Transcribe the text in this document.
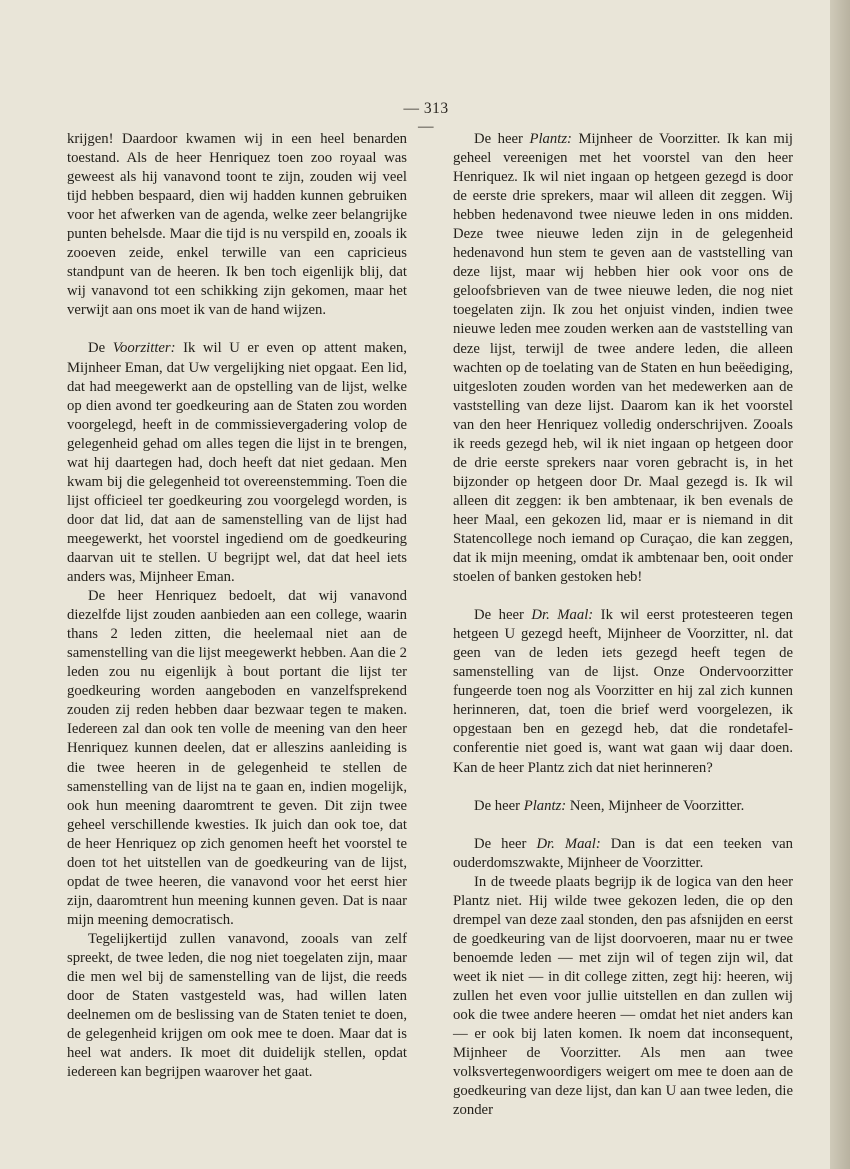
— 313 —

krijgen! Daardoor kwamen wij in een heel benarden toestand. Als de heer Henriquez toen zoo royaal was geweest als hij vanavond toont te zijn, zouden wij veel tijd hebben bespaard, dien wij hadden kunnen gebruiken voor het afwerken van de agenda, welke zeer belangrijke punten behelsde. Maar die tijd is nu verspild en, zooals ik zooeven zeide, enkel terwille van een capricieus standpunt van de heeren. Ik ben toch eigenlijk blij, dat wij vanavond tot een schikking zijn gekomen, maar het verwijt aan ons moet ik van de hand wijzen.

De Voorzitter: Ik wil U er even op attent maken, Mijnheer Eman, dat Uw vergelijking niet opgaat. Een lid, dat had meegewerkt aan de opstelling van de lijst, welke op dien avond ter goedkeuring aan de Staten zou worden voorgelegd, heeft in de commissievergadering volop de gelegenheid gehad om alles tegen die lijst in te brengen, wat hij daartegen had, doch heeft dat niet gedaan. Men kwam bij die gelegenheid tot overeenstemming. Toen die lijst officieel ter goedkeuring zou voorgelegd worden, is door dat lid, dat aan de samenstelling van de lijst had meegewerkt, het voorstel ingediend om de goedkeuring daarvan uit te stellen. U begrijpt wel, dat dat heel iets anders was, Mijnheer Eman.

De heer Henriquez bedoelt, dat wij vanavond diezelfde lijst zouden aanbieden aan een college, waarin thans 2 leden zitten, die heelemaal niet aan de samenstelling van die lijst meegewerkt hebben. Aan die 2 leden zou nu eigenlijk à bout portant die lijst ter goedkeuring worden aangeboden en vanzelfsprekend zouden zij reden hebben daar bezwaar tegen te maken. Iedereen zal dan ook ten volle de meening van den heer Henriquez kunnen deelen, dat er alleszins aanleiding is die twee heeren in de gelegenheid te stellen de samenstelling van de lijst na te gaan en, indien mogelijk, ook hun meening daaromtrent te geven. Dit zijn twee geheel verschillende kwesties. Ik juich dan ook toe, dat de heer Henriquez op zich genomen heeft het voorstel te doen tot het uitstellen van de goedkeuring van de lijst, opdat de twee heeren, die vanavond voor het eerst hier zijn, daaromtrent hun meening kunnen geven. Dat is naar mijn meening democratisch.

Tegelijkertijd zullen vanavond, zooals van zelf spreekt, de twee leden, die nog niet toegelaten zijn, maar die men wel bij de samenstelling van de lijst, die reeds door de Staten vastgesteld was, had willen laten deelnemen om de beslissing van de Staten teniet te doen, de gelegenheid krijgen om ook mee te doen. Maar dat is heel wat anders. Ik moet dit duidelijk stellen, opdat iedereen kan begrijpen waarover het gaat.

De heer Plantz: Mijnheer de Voorzitter. Ik kan mij geheel vereenigen met het voorstel van den heer Henriquez. Ik wil niet ingaan op hetgeen gezegd is door de eerste drie sprekers, maar wil alleen dit zeggen. Wij hebben hedenavond twee nieuwe leden in ons midden. Deze twee nieuwe leden zijn in de gelegenheid hedenavond hun stem te geven aan de vaststelling van deze lijst, maar wij hebben hier ook voor ons de geloofsbrieven van de twee nieuwe leden, die nog niet toegelaten zijn. Ik zou het onjuist vinden, indien twee nieuwe leden mee zouden werken aan de vaststelling van deze lijst, terwijl de twee andere leden, die alleen wachten op de toelating van de Staten en hun beëediging, uitgesloten zouden worden van het medewerken aan de vaststelling van deze lijst. Daarom kan ik het voorstel van den heer Henriquez volledig onderschrijven. Zooals ik reeds gezegd heb, wil ik niet ingaan op hetgeen door de drie eerste sprekers naar voren gebracht is, in het bijzonder op hetgeen door Dr. Maal gezegd is. Ik wil alleen dit zeggen: ik ben ambtenaar, ik ben evenals de heer Maal, een gekozen lid, maar er is niemand in dit Statencollege noch iemand op Curaçao, die kan zeggen, dat ik mijn meening, omdat ik ambtenaar ben, ooit onder stoelen of banken gestoken heb!

De heer Dr. Maal: Ik wil eerst protesteeren tegen hetgeen U gezegd heeft, Mijnheer de Voorzitter, nl. dat geen van de leden iets gezegd heeft tegen de samenstelling van de lijst. Onze Ondervoorzitter fungeerde toen nog als Voorzitter en hij zal zich kunnen herinneren, dat, toen die brief werd voorgelezen, ik opgestaan ben en gezegd heb, dat die rondetafel-conferentie niet goed is, want wat gaan wij daar doen. Kan de heer Plantz zich dat niet herinneren?

De heer Plantz: Neen, Mijnheer de Voorzitter.

De heer Dr. Maal: Dan is dat een teeken van ouderdomszwakte, Mijnheer de Voorzitter.

In de tweede plaats begrijp ik de logica van den heer Plantz niet. Hij wilde twee gekozen leden, die op den drempel van deze zaal stonden, den pas afsnijden en eerst de goedkeuring van de lijst doorvoeren, maar nu er twee benoemde leden — met zijn wil of tegen zijn wil, dat weet ik niet — in dit college zitten, zegt hij: heeren, wij zullen het even voor jullie uitstellen en dan zullen wij ook die twee andere heeren — omdat het niet anders kan — er ook bij laten komen. Ik noem dat inconsequent, Mijnheer de Voorzitter. Als men aan twee volksvertegenwoordigers weigert om mee te doen aan de goedkeuring van deze lijst, dan kan U aan twee leden, die zonder
